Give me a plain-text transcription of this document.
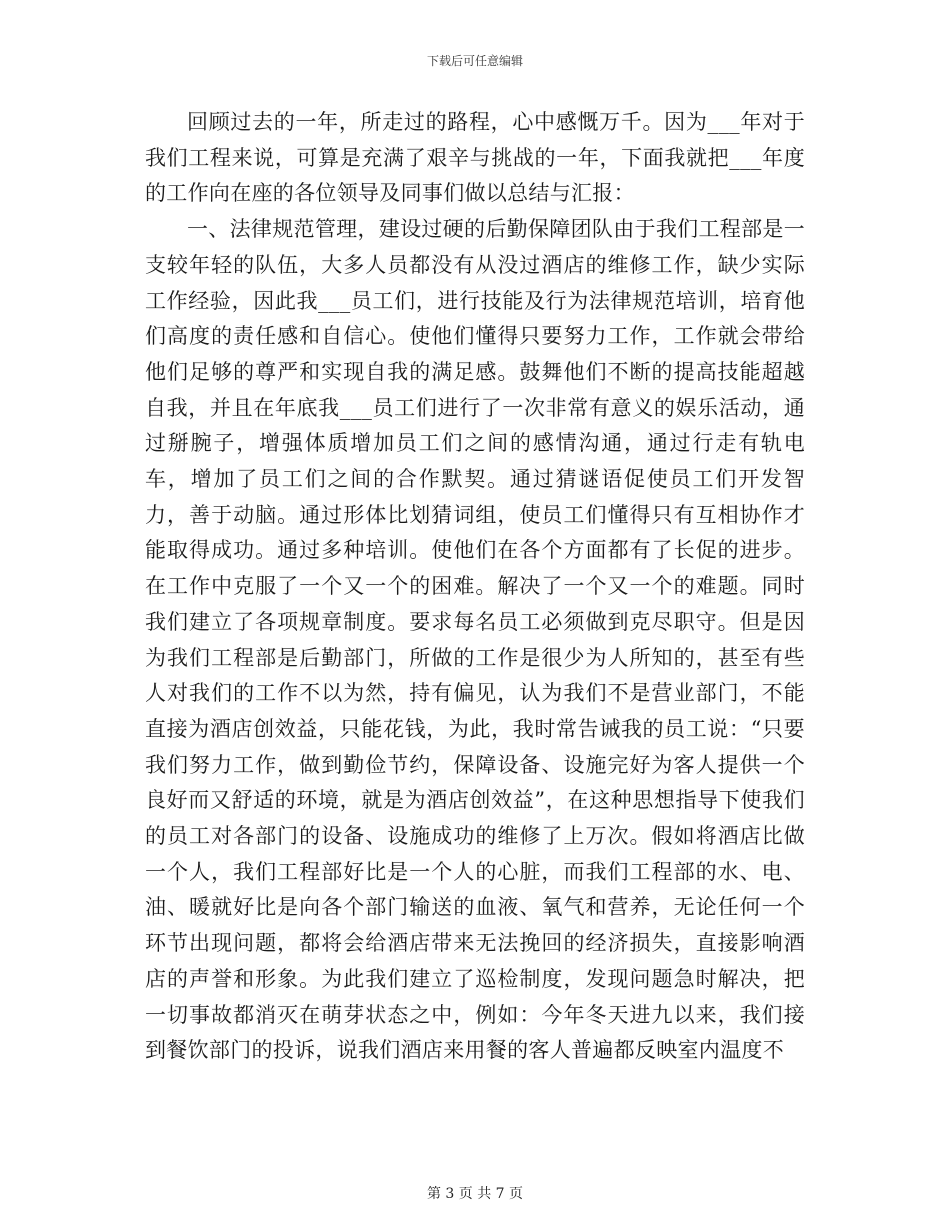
下载后可任意编辑

回顾过去的一年，所走过的路程，心中感慨万千。因为___年对于我们工程来说，可算是充满了艰辛与挑战的一年，下面我就把___年度的工作向在座的各位领导及同事们做以总结与汇报：

一、法律规范管理，建设过硬的后勤保障团队由于我们工程部是一支较年轻的队伍，大多人员都没有从没过酒店的维修工作，缺少实际工作经验，因此我___员工们，进行技能及行为法律规范培训，培育他们高度的责任感和自信心。使他们懂得只要努力工作，工作就会带给他们足够的尊严和实现自我的满足感。鼓舞他们不断的提高技能超越自我，并且在年底我___员工们进行了一次非常有意义的娱乐活动，通过掰腕子，增强体质增加员工们之间的感情沟通，通过行走有轨电车，增加了员工们之间的合作默契。通过猜谜语促使员工们开发智力，善于动脑。通过形体比划猜词组，使员工们懂得只有互相协作才能取得成功。通过多种培训。使他们在各个方面都有了长促的进步。在工作中克服了一个又一个的困难。解决了一个又一个的难题。同时我们建立了各项规章制度。要求每名员工必须做到克尽职守。但是因为我们工程部是后勤部门，所做的工作是很少为人所知的，甚至有些人对我们的工作不以为然，持有偏见，认为我们不是营业部门，不能直接为酒店创效益，只能花钱，为此，我时常告诫我的员工说：“只要我们努力工作，做到勤俭节约，保障设备、设施完好为客人提供一个良好而又舒适的环境，就是为酒店创效益”，在这种思想指导下使我们的员工对各部门的设备、设施成功的维修了上万次。假如将酒店比做一个人，我们工程部好比是一个人的心脏，而我们工程部的水、电、油、暖就好比是向各个部门输送的血液、氧气和营养，无论任何一个环节出现问题，都将会给酒店带来无法挽回的经济损失，直接影响酒店的声誉和形象。为此我们建立了巡检制度，发现问题急时解决，把一切事故都消灭在萌芽状态之中，例如：今年冬天进九以来，我们接到餐饮部门的投诉，说我们酒店来用餐的客人普遍都反映室内温度不

第 3 页 共 7 页
